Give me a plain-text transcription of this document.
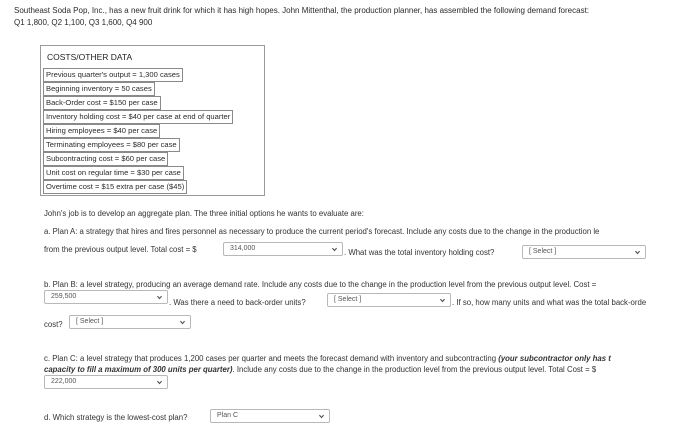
Southeast Soda Pop, Inc., has a new fruit drink for which it has high hopes. John Mittenthal, the production planner, has assembled the following demand forecast:
Q1 1,800, Q2 1,100, Q3 1,600, Q4 900
COSTS/OTHER DATA
Previous quarter's output = 1,300 cases
Beginning inventory = 50 cases
Back-Order cost = $150 per case
Inventory holding cost = $40 per case at end of quarter
Hiring employees = $40 per case
Terminating employees = $80 per case
Subcontracting cost = $60 per case
Unit cost on regular time = $30 per case
Overtime cost = $15 extra per case ($45)
John's job is to develop an aggregate plan. The three initial options he wants to evaluate are:
a. Plan A: a strategy that hires and fires personnel as necessary to produce the current period's forecast. Include any costs due to the change in the production le
from the previous output level. Total cost = $	314,000	. What was the total inventory holding cost?	[ Select ]
b. Plan B: a level strategy, producing an average demand rate. Include any costs due to the change in the production level from the previous output level. Cost =
259,500
. Was there a need to back-order units?	[ Select ]	. If so, how many units and what was the total back-orde
cost? [ Select ]
c. Plan C: a level strategy that produces 1,200 cases per quarter and meets the forecast demand with inventory and subcontracting (your subcontractor only has t
capacity to fill a maximum of 300 units per quarter). Include any costs due to the change in the production level from the previous output level. Total Cost = $
222,000
d. Which strategy is the lowest-cost plan?	Plan C
